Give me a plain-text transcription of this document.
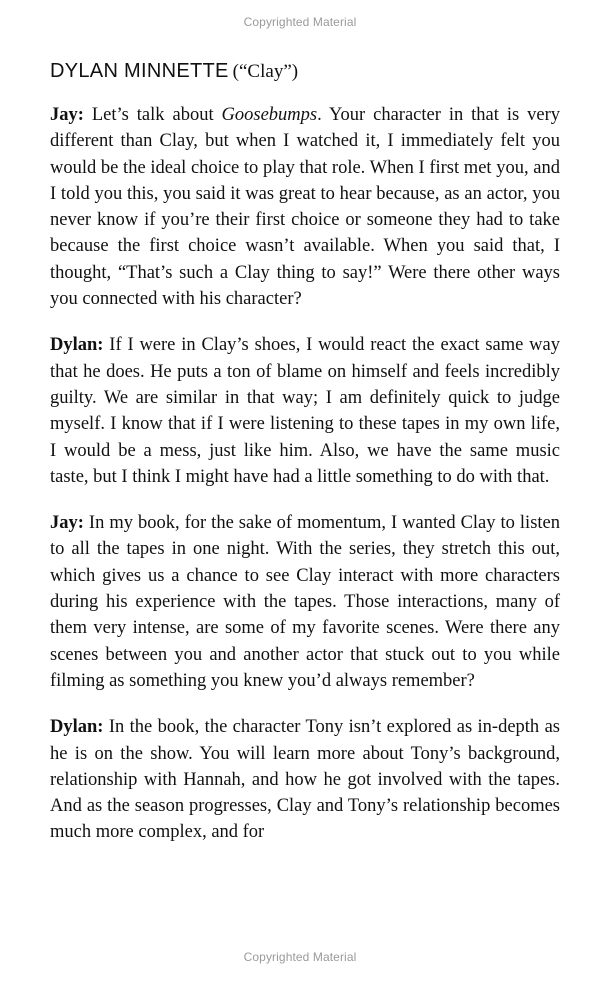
Copyrighted Material
DYLAN MINNETTE (“Clay”)

Jay: Let’s talk about Goosebumps. Your character in that is very different than Clay, but when I watched it, I immediately felt you would be the ideal choice to play that role. When I first met you, and I told you this, you said it was great to hear because, as an actor, you never know if you’re their first choice or someone they had to take because the first choice wasn’t available. When you said that, I thought, “That’s such a Clay thing to say!” Were there other ways you connected with his character?

Dylan: If I were in Clay’s shoes, I would react the exact same way that he does. He puts a ton of blame on himself and feels incredibly guilty. We are similar in that way; I am definitely quick to judge myself. I know that if I were listening to these tapes in my own life, I would be a mess, just like him. Also, we have the same music taste, but I think I might have had a little something to do with that.

Jay: In my book, for the sake of momentum, I wanted Clay to listen to all the tapes in one night. With the series, they stretch this out, which gives us a chance to see Clay interact with more characters during his experience with the tapes. Those interactions, many of them very intense, are some of my favorite scenes. Were there any scenes between you and another actor that stuck out to you while filming as something you knew you’d always remember?

Dylan: In the book, the character Tony isn’t explored as in-depth as he is on the show. You will learn more about Tony’s background, relationship with Hannah, and how he got involved with the tapes. And as the season progresses, Clay and Tony’s relationship becomes much more complex, and for

Copyrighted Material
